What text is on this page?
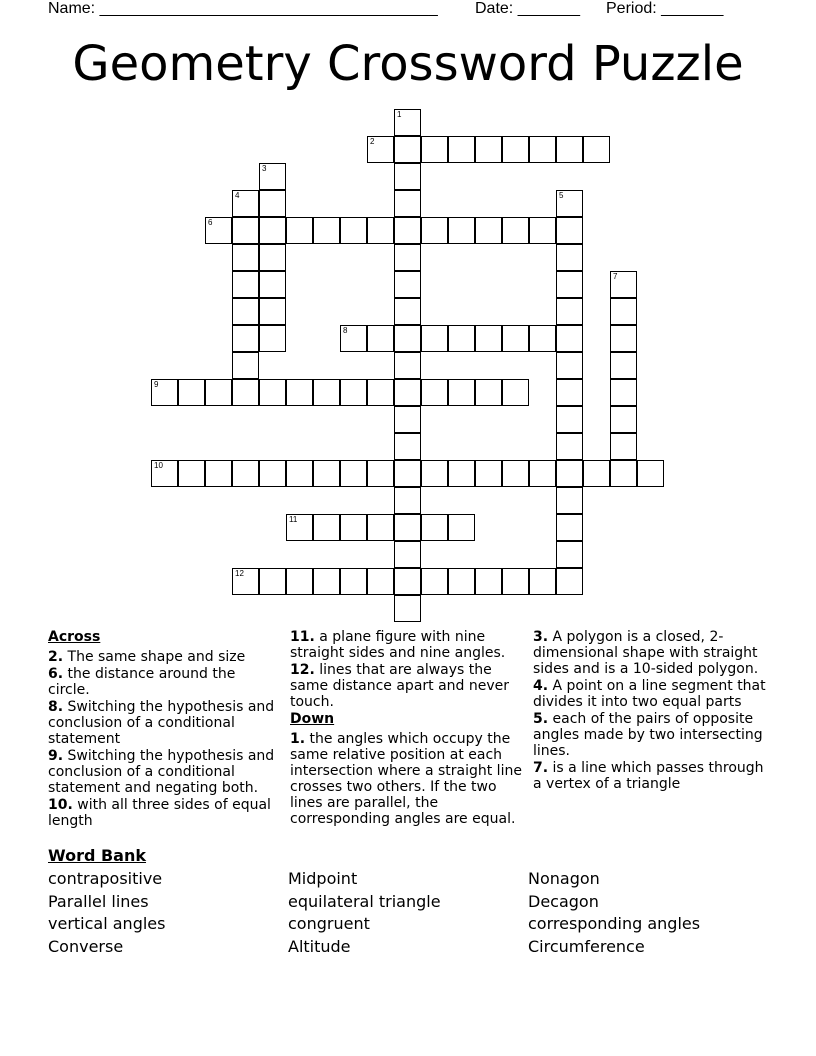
Name: ______________________________________ Date: _______ Period: _______
Geometry Crossword Puzzle
1
2
3
4	5
6
7
8
9
10
11
12
Across
2. The same shape and size
6. the distance around the circle.
8. Switching the hypothesis and conclusion of a conditional statement
9. Switching the hypothesis and conclusion of a conditional statement and negating both.
10. with all three sides of equal length
11. a plane figure with nine straight sides and nine angles.
12. lines that are always the same distance apart and never touch.
Down
1. the angles which occupy the same relative position at each intersection where a straight line crosses two others. If the two lines are parallel, the corresponding angles are equal.
3. A polygon is a closed, 2-dimensional shape with straight sides and is a 10-sided polygon.
4. A point on a line segment that divides it into two equal parts
5. each of the pairs of opposite angles made by two intersecting lines.
7. is a line which passes through a vertex of a triangle
Word Bank
contrapositive
Parallel lines
vertical angles
Converse
Midpoint
equilateral triangle
congruent
Altitude
Nonagon
Decagon
corresponding angles
Circumference
